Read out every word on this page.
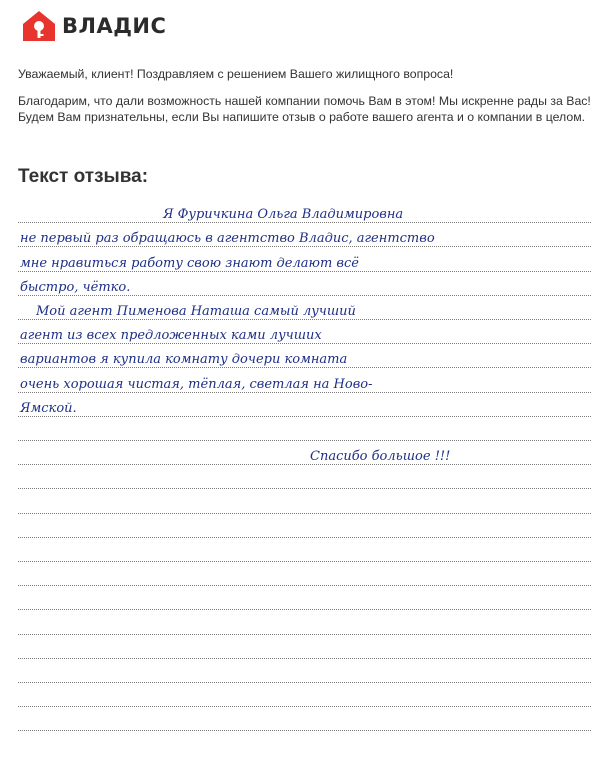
ВЛАДИС
Уважаемый, клиент! Поздравляем с решением Вашего жилищного вопроса!
Благодарим, что дали возможность нашей компании помочь Вам в этом! Мы искренне рады за Вас! Будем Вам признательны, если Вы напишите отзыв о работе вашего агента и о компании в целом.
Текст отзыва:
Я Фуричкина Ольга Владимировна
не первый раз обращаюсь в агентство Владис, агентство
мне нравиться работу свою знают делают всё
быстро, чётко.
Мой агент Пименова Наташа самый лучший
агент из всех предложенных ками лучших
вариантов я купила комнату дочери комната
очень хорошая чистая, тёплая, светлая на Ново-
Ямской.
Спасибо большое !!!
